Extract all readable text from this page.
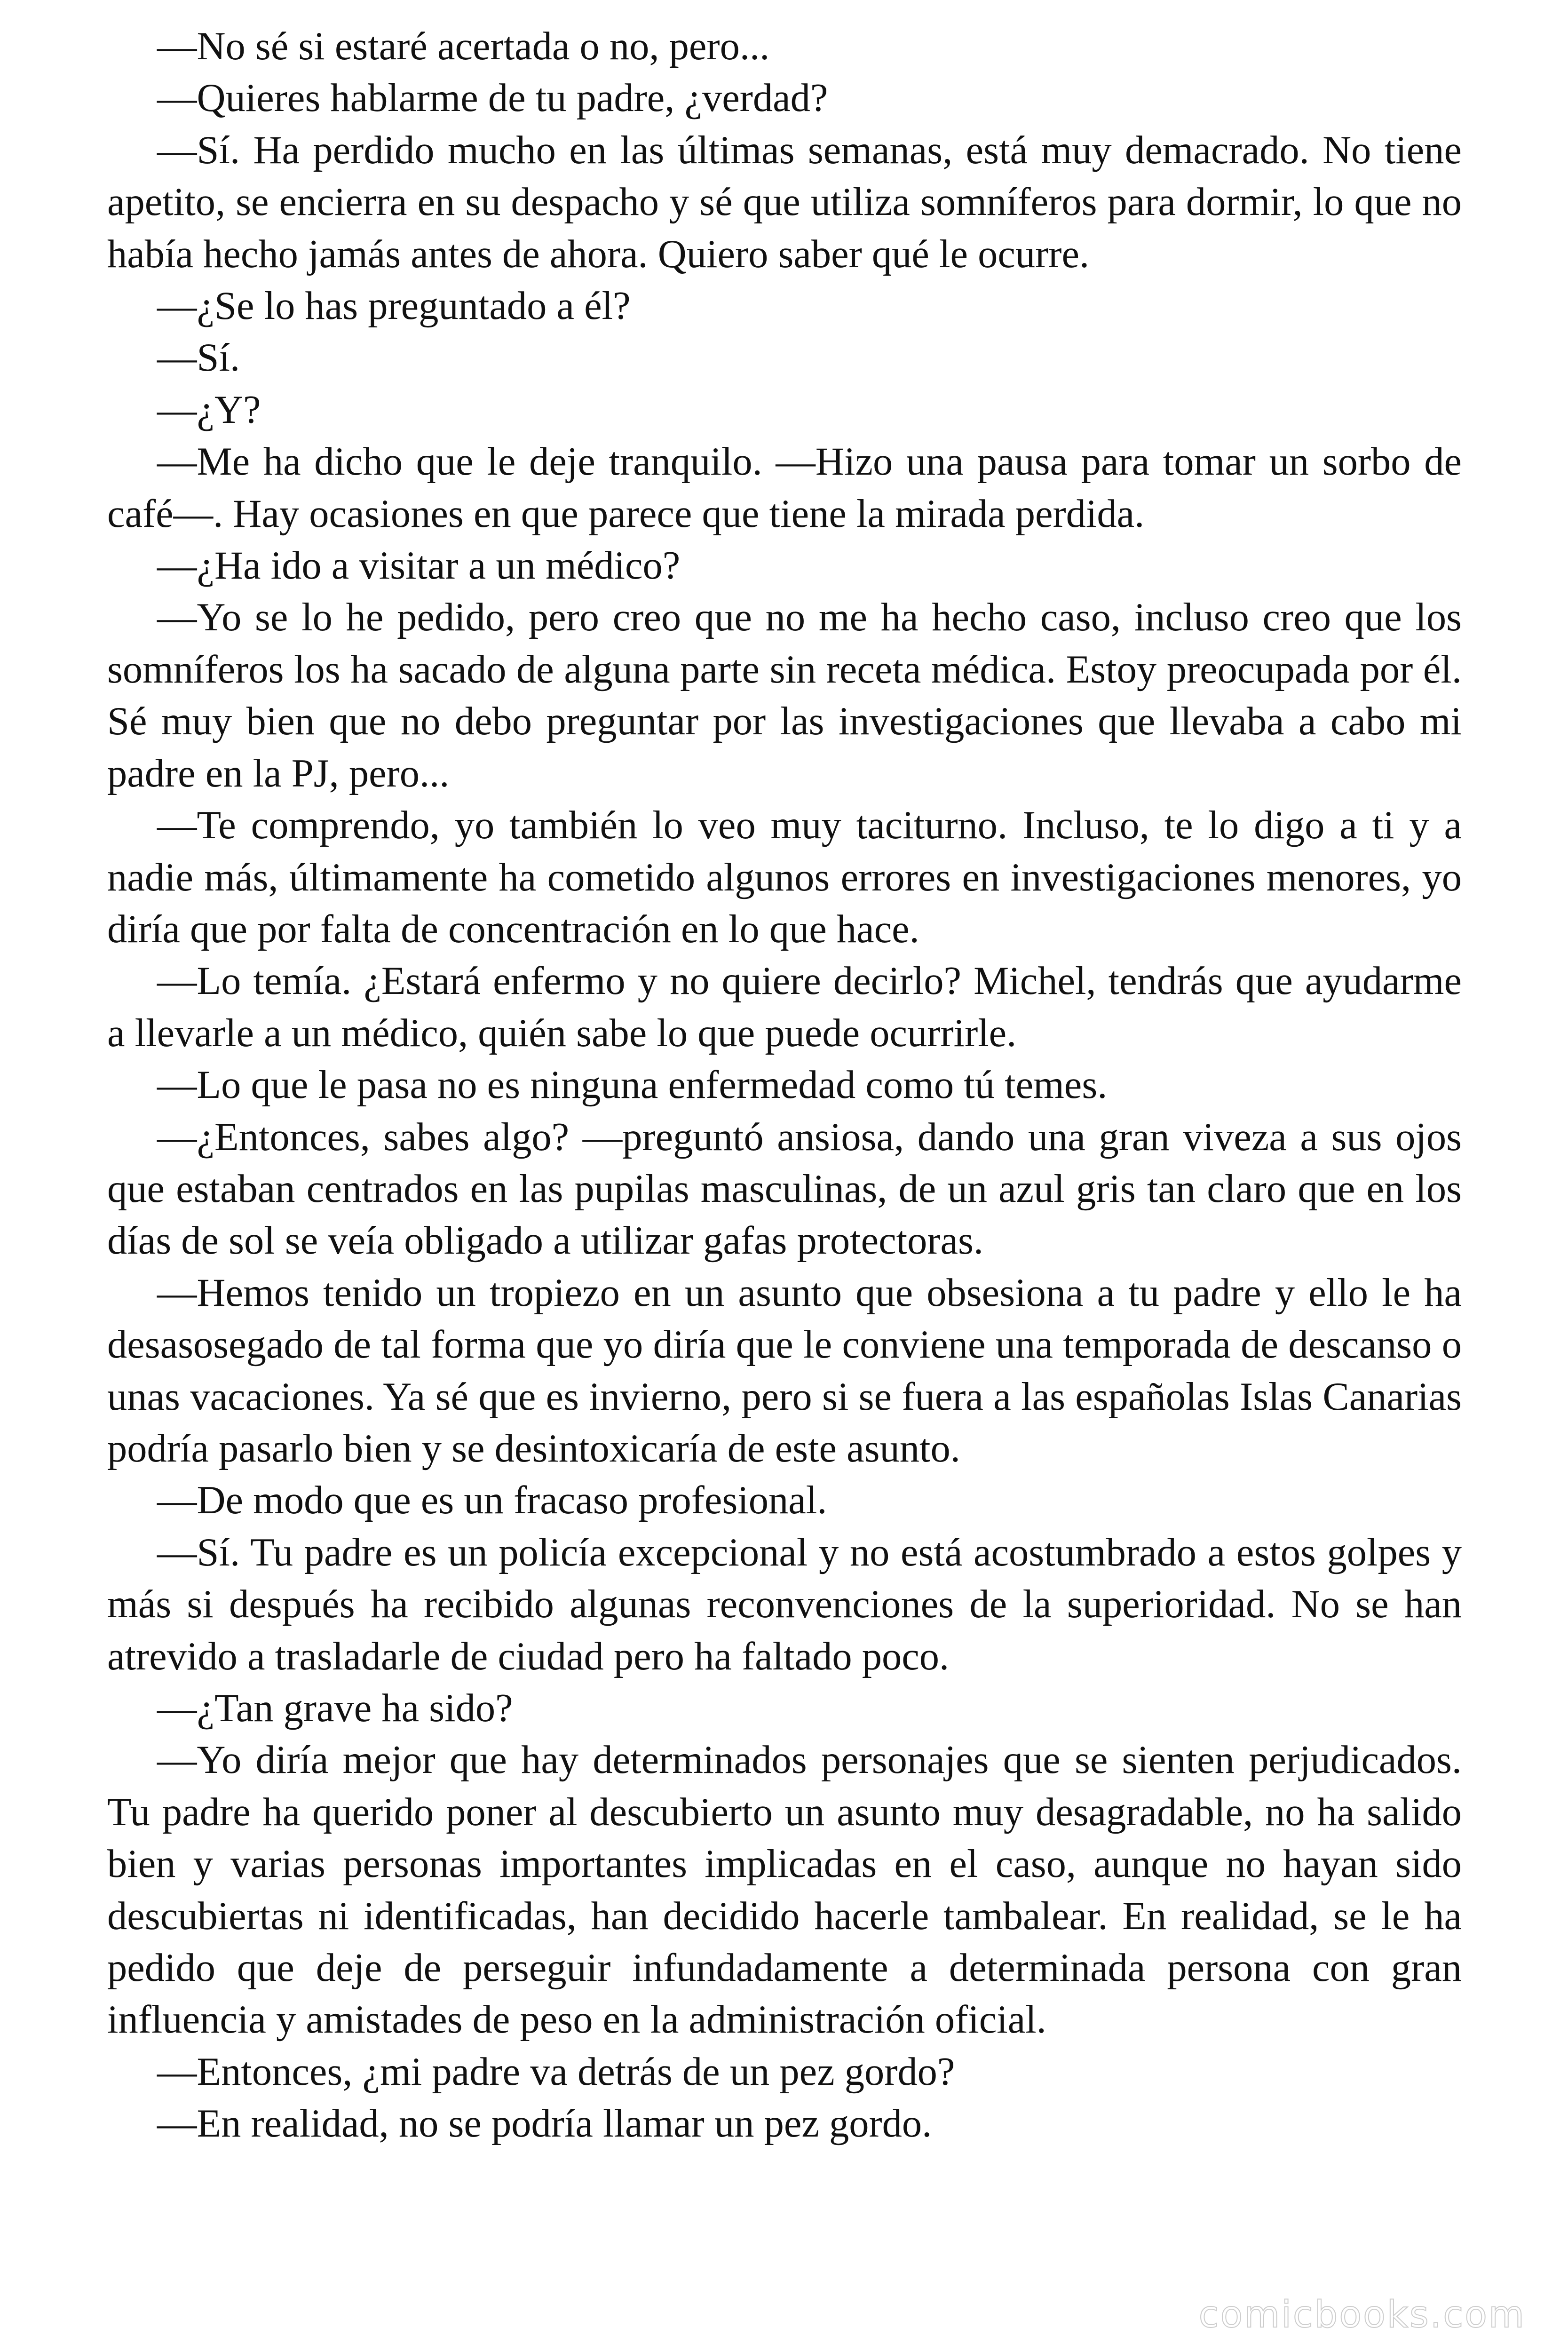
—No sé si estaré acertada o no, pero...

—Quieres hablarme de tu padre, ¿verdad?

—Sí. Ha perdido mucho en las últimas semanas, está muy demacrado. No tiene apetito, se encierra en su despacho y sé que utiliza somníferos para dormir, lo que no había hecho jamás antes de ahora. Quiero saber qué le ocurre.

—¿Se lo has preguntado a él?

—Sí.

—¿Y?

—Me ha dicho que le deje tranquilo. —Hizo una pausa para tomar un sorbo de café—. Hay ocasiones en que parece que tiene la mirada perdida.

—¿Ha ido a visitar a un médico?

—Yo se lo he pedido, pero creo que no me ha hecho caso, incluso creo que los somníferos los ha sacado de alguna parte sin receta médica. Estoy preocupada por él. Sé muy bien que no debo preguntar por las investigaciones que llevaba a cabo mi padre en la PJ, pero...

—Te comprendo, yo también lo veo muy taciturno. Incluso, te lo digo a ti y a nadie más, últimamente ha cometido algunos errores en investigaciones menores, yo diría que por falta de concentración en lo que hace.

—Lo temía. ¿Estará enfermo y no quiere decirlo? Michel, tendrás que ayudarme a llevarle a un médico, quién sabe lo que puede ocurrirle.

—Lo que le pasa no es ninguna enfermedad como tú temes.

—¿Entonces, sabes algo? —preguntó ansiosa, dando una gran viveza a sus ojos que estaban centrados en las pupilas masculinas, de un azul gris tan claro que en los días de sol se veía obligado a utilizar gafas protectoras.

—Hemos tenido un tropiezo en un asunto que obsesiona a tu padre y ello le ha desasosegado de tal forma que yo diría que le conviene una temporada de descanso o unas vacaciones. Ya sé que es invierno, pero si se fuera a las españolas Islas Canarias podría pasarlo bien y se desintoxicaría de este asunto.

—De modo que es un fracaso profesional.

—Sí. Tu padre es un policía excepcional y no está acostumbrado a estos golpes y más si después ha recibido algunas reconvenciones de la superioridad. No se han atrevido a trasladarle de ciudad pero ha faltado poco.

—¿Tan grave ha sido?

—Yo diría mejor que hay determinados personajes que se sienten perjudicados. Tu padre ha querido poner al descubierto un asunto muy desagradable, no ha salido bien y varias personas importantes implicadas en el caso, aunque no hayan sido descubiertas ni identificadas, han decidido hacerle tambalear. En realidad, se le ha pedido que deje de perseguir infundadamente a determinada persona con gran influencia y amistades de peso en la administración oficial.

—Entonces, ¿mi padre va detrás de un pez gordo?

—En realidad, no se podría llamar un pez gordo.

comicbooks.com
